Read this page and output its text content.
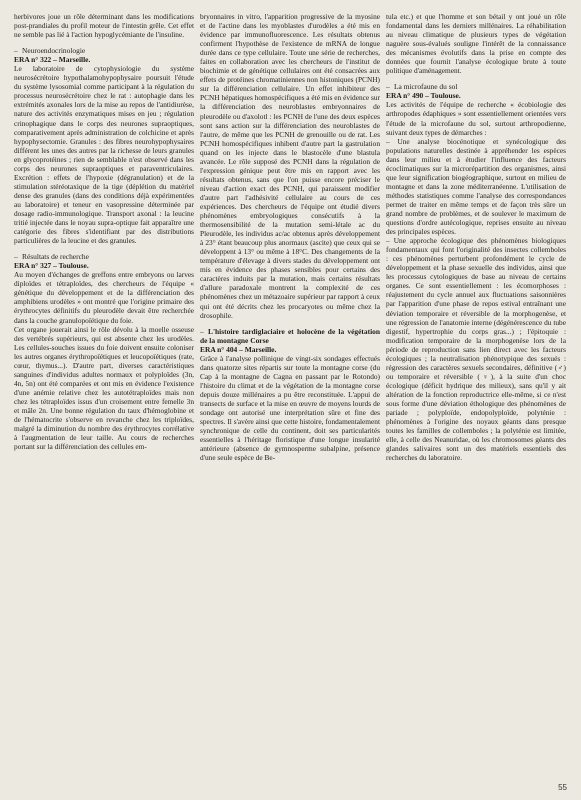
herbivores joue un rôle déterminant dans les modifications post-prandiales du profil moteur de l'intestin grêle. Cet effet ne semble pas lié à l'action hypoglycémiante de l'insuline.

– Neuroendocrinologie
ERA n° 322 – Marseille.

Le laboratoire de cytophysiologie du système neurosécrétoire hypothalamohypophysaire poursuit l'étude du système lysosomial comme participant à la régulation du processus neurosécrétoire chez le rat : autophagie dans les extrémités axonales lors de la mise au repos de l'antidiurèse, nature des activités enzymatiques mises en jeu ; régulation crinophagique dans le corps des neurones supraoptiques, comparativement après administration de colchicine et après hypophysectomie. Granules : des fibres neurohypophysaires différent les unes des autres par la richesse de leurs granules en glycoprotéines ; rien de semblable n'est observé dans les corps des neurones supraoptiques et paraventriculaires. Excrétion : effets de l'hypoxie (dégranulation) et de la stimulation stéréotaxique de la tige (déplétion du matériel dense des granules (dans des conditions déjà expérimentées au laboratoire) et teneur en vasopressine déterminée par dosage radio-immunologique. Transport axonal : la leucine tritié injectée dans le noyau supra-optique fait apparaître une catégorie des fibres s'identifiant par des distributions particulières de la leucine et des granules.

– Résultats de recherche
ERA n° 327 – Toulouse.

Au moyen d'échanges de greffons entre embryons ou larves diploïdes et tétraploïdes, des chercheurs de l'équipe « génétique du développement et de la différenciation des amphibiens urodèles » ont montré que l'origine primaire des érythrocytes définitifs du pleurodèle devait être recherchée dans la couche granulopoïétique du foie.

Cet organe jouerait ainsi le rôle dévolu à la moelle osseuse des vertébrés supérieurs, qui est absente chez les urodèles. Les cellules-souches issues du foie doivent ensuite coloniser les autres organes érythropoïétiques et leucopoïétiques (rate, cœur, thymus...). D'autre part, diverses caractéristiques sanguines d'individus adultes normaux et polyploïdes (3n, 4n, 5n) ont été comparées et ont mis en évidence l'existence d'une anémie relative chez les autotétraploïdes mais non chez les tétraploïdes issus d'un croisement entre femelle 3n et mâle 2n. Une bonne régulation du taux d'hémoglobine et de l'hématocrite s'observe en revanche chez les triploïdes, malgré la diminution du nombre des érythrocytes corrélative à l'augmentation de leur taille. Au cours de recherches portant sur la différenciation des cellules em-

bryonnaires in vitro, l'apparition progressive de la myosine et de l'actine dans les myoblastes d'urodèles a été mis en évidence par immunofluorescence. Les résultats obtenus confirment l'hypothèse de l'existence de mRNA de longue durée dans ce type cellulaire. Toute une série de recherches, faites en collaboration avec les chercheurs de l'institut de biochimie et de génétique cellulaires ont été consacrées aux effets de protéines chromatiniennes non histoniques (PCNH) sur la différenciation cellulaire. Un effet inhibiteur des PCNH hépatiques homospécifiques a été mis en évidence sur la différenciation des neuroblastes embryonnaires de pleurodèle ou d'axolotl : les PCNH de l'une des deux espèces sont sans action sur la différenciation des neuroblastes de l'autre, de même que les PCNH de grenouille ou de rat. Les PCNH homospécifiques inhibent d'autre part la gastrulation quand on les injecte dans le blastocèle d'une blastula avancée. Le rôle supposé des PCNH dans la régulation de l'expression génique peut être mis en rapport avec les résultats obtenus, sans que l'on puisse encore préciser le niveau d'action exact des PCNH, qui paraissent modifier d'autre part l'adhésivité cellulaire au cours de ces expériences. Des chercheurs de l'équipe ont étudié divers phénomènes embryologiques consécutifs à la thermosensibilité de la mutation semi-létale ac du Pleurodèle, les individus ac/ac obtenus après développement à 23° étant beaucoup plus anormaux (ascite) que ceux qui se développent à 13° ou même à 18°C. Des changements de la température d'élevage à divers stades du développement ont mis en évidence des phases sensibles pour certains des caractères induits par la mutation, mais certains résultats d'allure paradoxale montrent la complexité de ces phénomènes chez un métazoaire supérieur par rapport à ceux qui ont été décrits chez les procaryotes ou même chez la drosophile.

– L'histoire tardiglaciaire et holocène de la végétation de la montagne Corse
ERA n° 404 – Marseille.

Grâce à l'analyse pollinique de vingt-six sondages effectués dans quatorze sites répartis sur toute la montagne corse (du Cap à la montagne de Cagna en passant par le Rotondo) l'histoire du climat et de la végétation de la montagne corse depuis douze millénaires a pu être reconstituée. L'appui de transects de surface et la mise en œuvre de moyens lourds de sondage ont autorisé une interprétation sûre et fine des spectres. Il s'avère ainsi que cette histoire, fondamentalement synchronique de celle du continent, doit ses particularités essentielles à l'héritage floristique d'une longue insularité antérieure (absence de gymnosperme subalpine, présence d'une seule espèce de Be-

tula etc.) et que l'homme et son bétail y ont joué un rôle fondamental dans les derniers millénaires. La réhabilitation au niveau climatique de plusieurs types de végétation naguère sous-évalués souligne l'intérêt de la connaissance des mécanismes évolutifs dans la prise en compte des données que fournit l'analyse écologique brute à toute politique d'aménagement.

– La microfaune du sol
ERA n° 490 – Toulouse.

Les activités de l'équipe de recherche « écobiologie des arthropodes édaphiques » sont essentiellement orientées vers l'étude de la microfaune du sol, surtout arthropodienne, suivant deux types de démarches :

– Une analyse biocénotique et synécologique des populations naturelles destinée à appréhender les espèces dans leur milieu et à étudier l'influence des facteurs écoclimatiques sur la microrépartition des organismes, ainsi que leur signification biogéographique, surtout en milieu de montagne et dans la zone méditerranéenne. L'utilisation de méthodes statistiques comme l'analyse des correspondances permet de traiter en même temps et de façon très sûre un grand nombre de problèmes, et de soulever le maximum de questions d'ordre autécologique, reprises ensuite au niveau des principales espèces.

– Une approche écologique des phénomènes biologiques fondamentaux qui font l'originalité des insectes collemboles : ces phénomènes perturbent profondément le cycle de développement et la phase sexuelle des individus, ainsi que les processus cytologiques de base au niveau de certains organes. Ce sont essentiellement : les écomorphoses : réajustement du cycle annuel aux fluctuations saisonnières par l'apparition d'une phase de repos estival entraînant une déviation temporaire et réversible de la morphogenèse, et une régression de l'anatomie interne (dégénérescence du tube digestif, hypertrophie du corps gras...) ; l'épitoquie : modification temporaire de la morphogenèse lors de la période de reproduction sans lien direct avec les facteurs écologiques ; la neutralisation phénotypique des sexués : régression des caractères sexuels secondaires, définitive (♂) ou temporaire et réversible (♀), à la suite d'un choc écologique (déficit hydrique des milieux), sans qu'il y ait altération de la fonction reproductrice elle-même, si ce n'est sous forme d'une déviation éthologique des phénomènes de pariade ; polyploïde, endopolyploïde, polyténie : phénomènes à l'origine des noyaux géants dans presque toutes les familles de collemboles ; la polyténie est limitée, elle, à celle des Neanuridae, où les chromosomes géants des glandes salivaires sont un des matériels essentiels des recherches du laboratoire.

55
